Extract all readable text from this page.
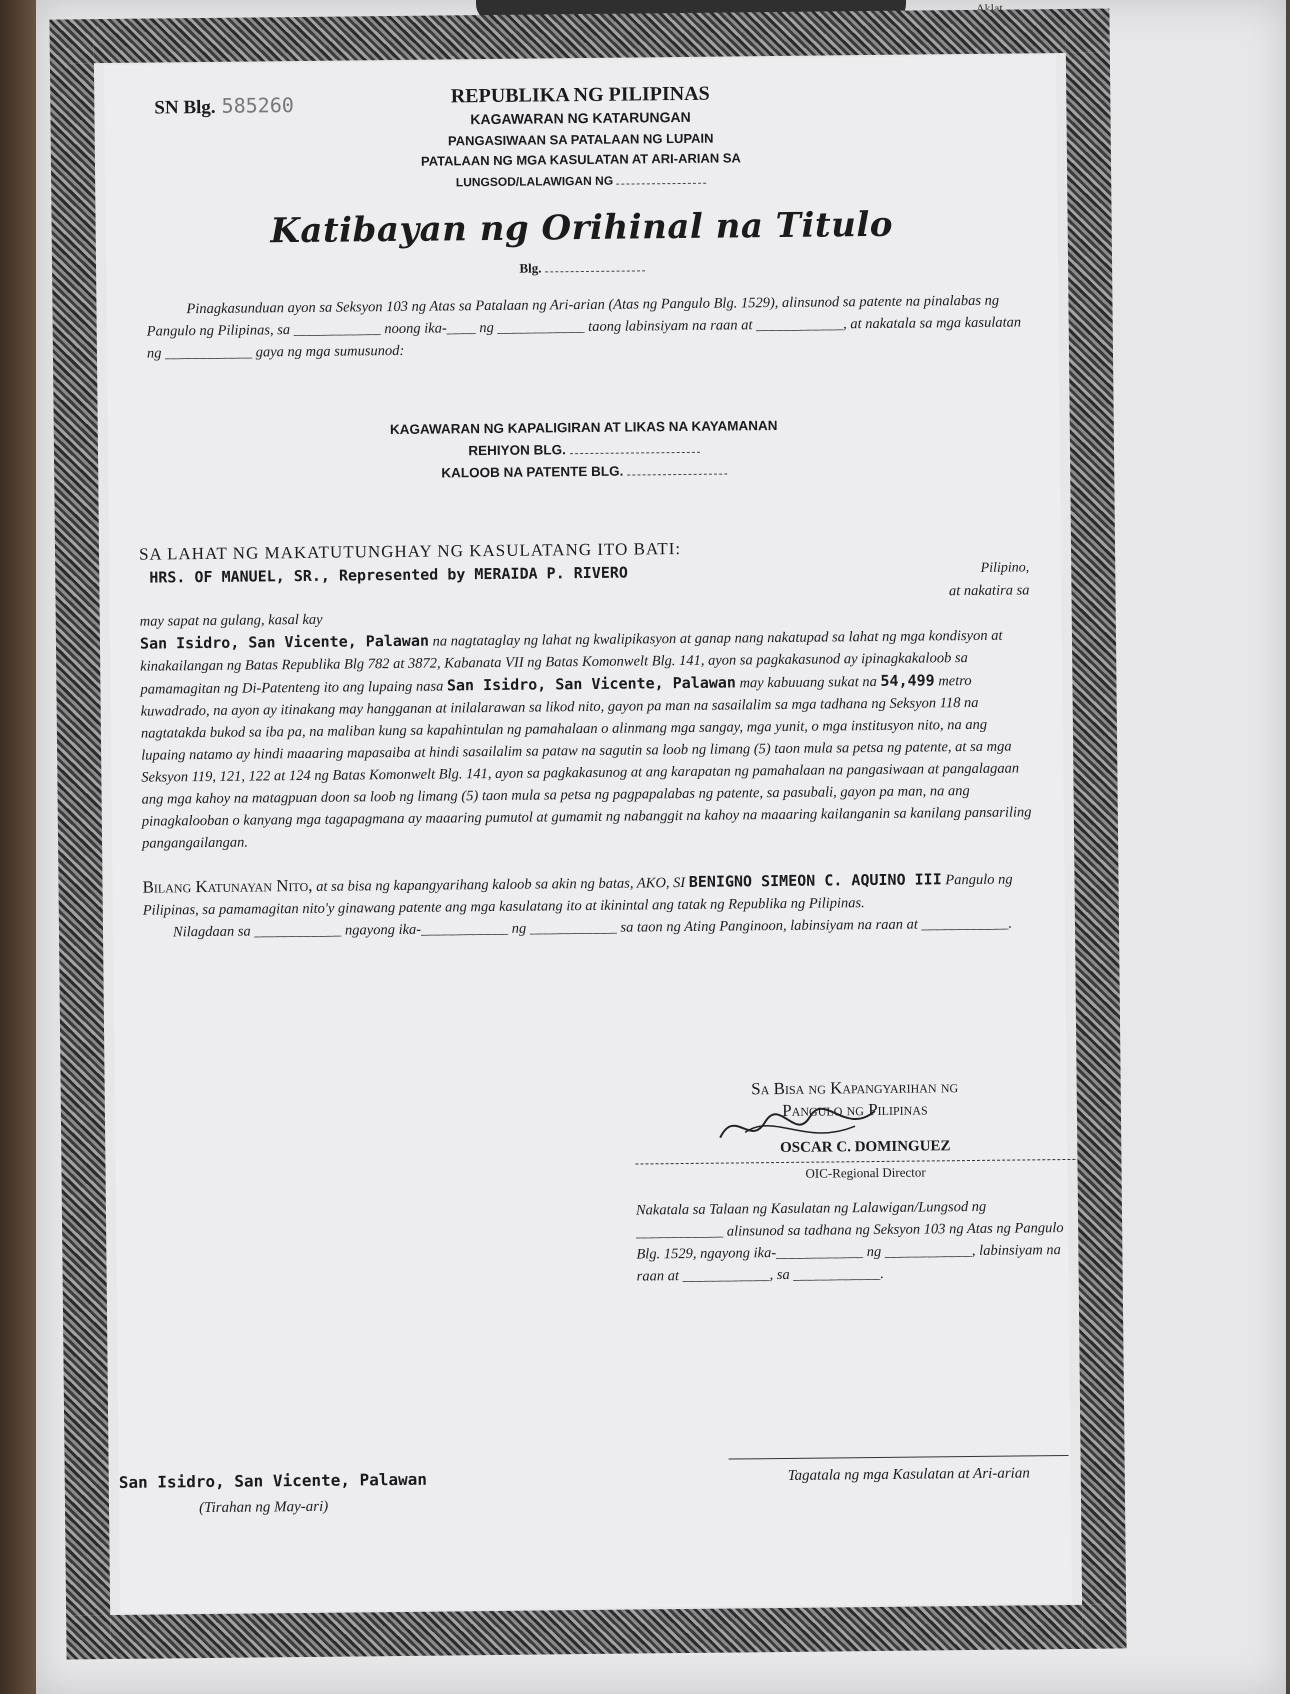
Aklat
Pahina
SN Blg. 585260	REPUBLIKA NG PILIPINAS
KAGAWARAN NG KATARUNGAN
PANGASIWAAN SA PATALAAN NG LUPAIN
PATALAAN NG MGA KASULATAN AT ARI-ARIAN SA
LUNGSOD/LALAWIGAN NG
Katibayan ng Orihinal na Titulo
Blg.
Pinagkasunduan ayon sa Seksyon 103 ng Atas sa Patalaan ng Ari-arian (Atas ng Pangulo Blg. 1529), alinsunod sa patente na pinalabas ng Pangulo ng Pilipinas, sa ____________ noong ika-____ ng ____________ taong labinsiyam na raan at ____________, at nakatala sa mga kasulatan ng ____________ gaya ng mga sumusunod:
KAGAWARAN NG KAPALIGIRAN AT LIKAS NA KAYAMANAN
REHIYON BLG.
KALOOB NA PATENTE BLG.
SA LAHAT NG MAKATUTUNGHAY NG KASULATANG ITO BATI:
HRS. OF MANUEL, SR., Represented by MERAIDA P. RIVERO	Pilipino,
at nakatira sa
may sapat na gulang, kasal kay
San Isidro, San Vicente, Palawan na nagtataglay ng lahat ng kwalipikasyon at ganap nang nakatupad sa lahat ng mga kondisyon at kinakailangan ng Batas Republika Blg 782 at 3872, Kabanata VII ng Batas Komonwelt Blg. 141, ayon sa pagkakasunod ay ipinagkakaloob sa pamamagitan ng Di-Patenteng ito ang lupaing nasa San Isidro, San Vicente, Palawan may kabuuang sukat na 54,499 metro kuwadrado, na ayon ay itinakang may hangganan at inilalarawan sa likod nito, gayon pa man na sasailalim sa mga tadhana ng Seksyon 118 na nagtatakda bukod sa iba pa, na maliban kung sa kapahintulan ng pamahalaan o alinmang mga sangay, mga yunit, o mga institusyon nito, na ang lupaing natamo ay hindi maaaring mapasaiba at hindi sasailalim sa pataw na sagutin sa loob ng limang (5) taon mula sa petsa ng patente, at sa mga Seksyon 119, 121, 122 at 124 ng Batas Komonwelt Blg. 141, ayon sa pagkakasunog at ang karapatan ng pamahalaan na pangasiwaan at pangalagaan ang mga kahoy na matagpuan doon sa loob ng limang (5) taon mula sa petsa ng pagpapalabas ng patente, sa pasubali, gayon pa man, na ang pinagkalooban o kanyang mga tagapagmana ay maaaring pumutol at gumamit ng nabanggit na kahoy na maaaring kailanganin sa kanilang pansariling pangangailangan.
Bilang Katunayan Nito, at sa bisa ng kapangyarihang kaloob sa akin ng batas, AKO, SI BENIGNO SIMEON C. AQUINO III Pangulo ng Pilipinas, sa pamamagitan nito'y ginawang patente ang mga kasulatang ito at ikinintal ang tatak ng Republika ng Pilipinas.
Nilagdaan sa ____________ ngayong ika-____________ ng ____________ sa taon ng Ating Panginoon, labinsiyam na raan at ____________.
Sa Bisa ng Kapangyarihan ng
Pangulo ng Pilipinas
OSCAR C. DOMINGUEZ
OIC-Regional Director
Nakatala sa Talaan ng Kasulatan ng Lalawigan/Lungsod ng ____________ alinsunod sa tadhana ng Seksyon 103 ng Atas ng Pangulo Blg. 1529, ngayong ika-____________ ng ____________, labinsiyam na raan at ____________, sa ____________.
San Isidro, San Vicente, Palawan
(Tirahan ng May-ari)
Tagatala ng mga Kasulatan at Ari-arian
